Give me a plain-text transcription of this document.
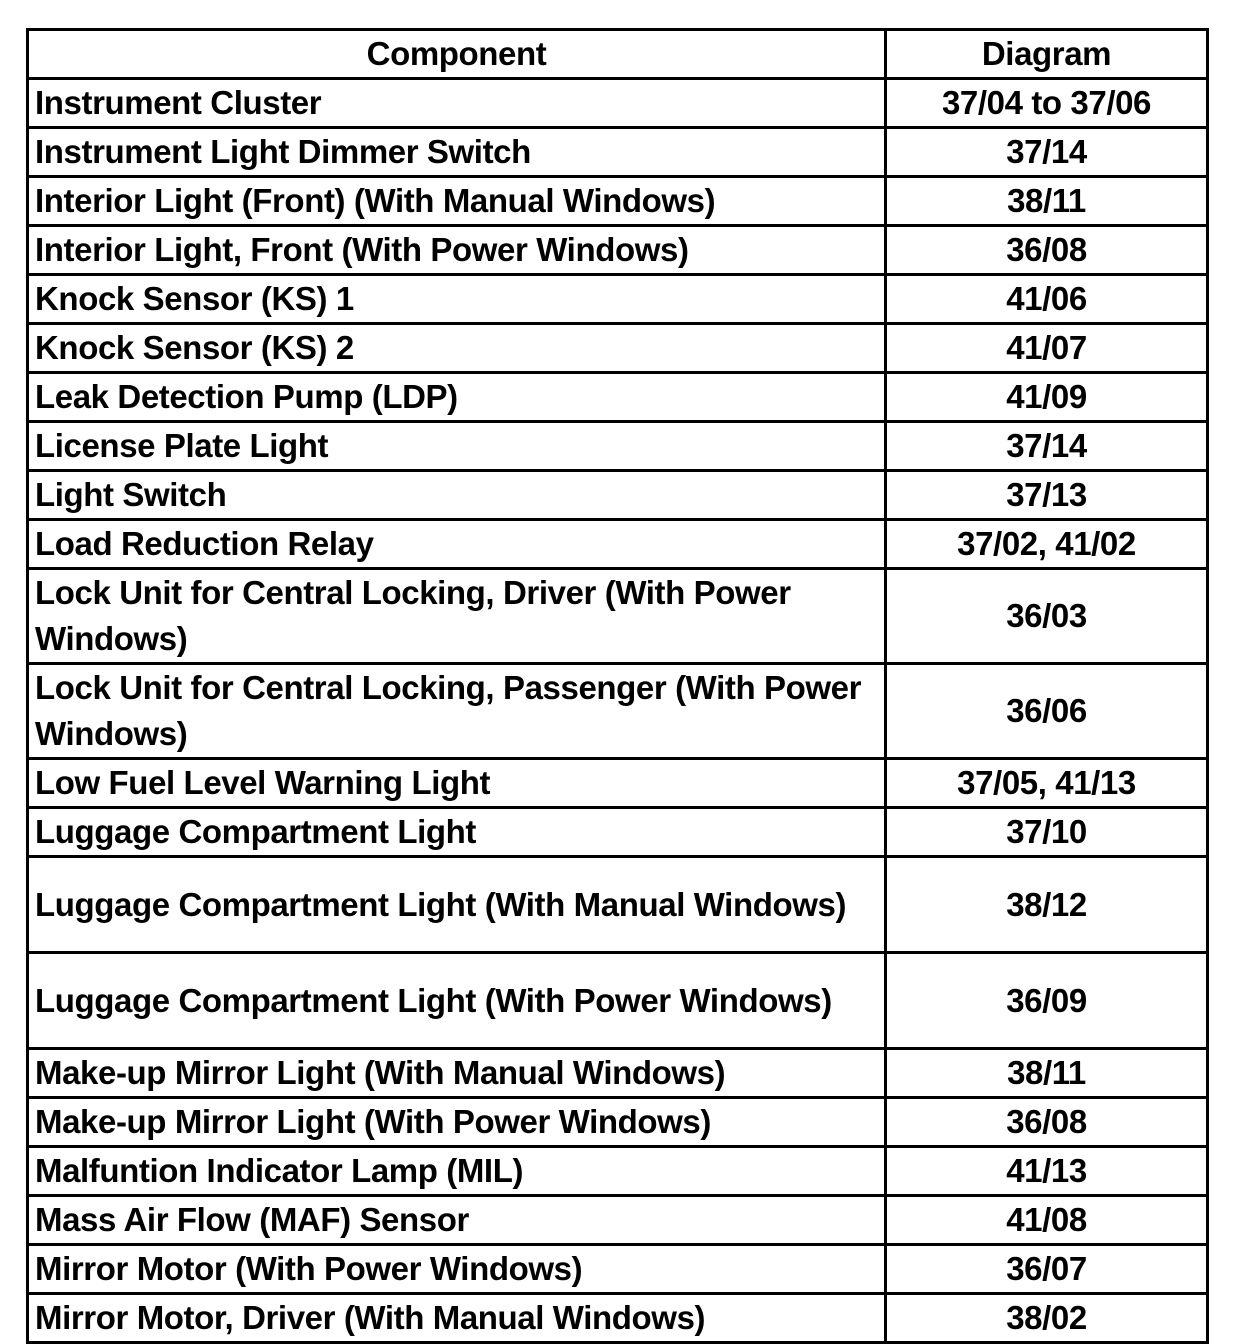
Component	Diagram
Instrument Cluster	37/04 to 37/06
Instrument Light Dimmer Switch	37/14
Interior Light (Front) (With Manual Windows)	38/11
Interior Light, Front (With Power Windows)	36/08
Knock Sensor (KS) 1	41/06
Knock Sensor (KS) 2	41/07
Leak Detection Pump (LDP)	41/09
License Plate Light	37/14
Light Switch	37/13
Load Reduction Relay	37/02, 41/02
Lock Unit for Central Locking, Driver (With Power Windows)	36/03
Lock Unit for Central Locking, Passenger (With Power Windows)	36/06
Low Fuel Level Warning Light	37/05, 41/13
Luggage Compartment Light	37/10
Luggage Compartment Light (With Manual Windows)	38/12
Luggage Compartment Light (With Power Windows)	36/09
Make-up Mirror Light (With Manual Windows)	38/11
Make-up Mirror Light (With Power Windows)	36/08
Malfuntion Indicator Lamp (MIL)	41/13
Mass Air Flow (MAF) Sensor	41/08
Mirror Motor (With Power Windows)	36/07
Mirror Motor, Driver (With Manual Windows)	38/02
